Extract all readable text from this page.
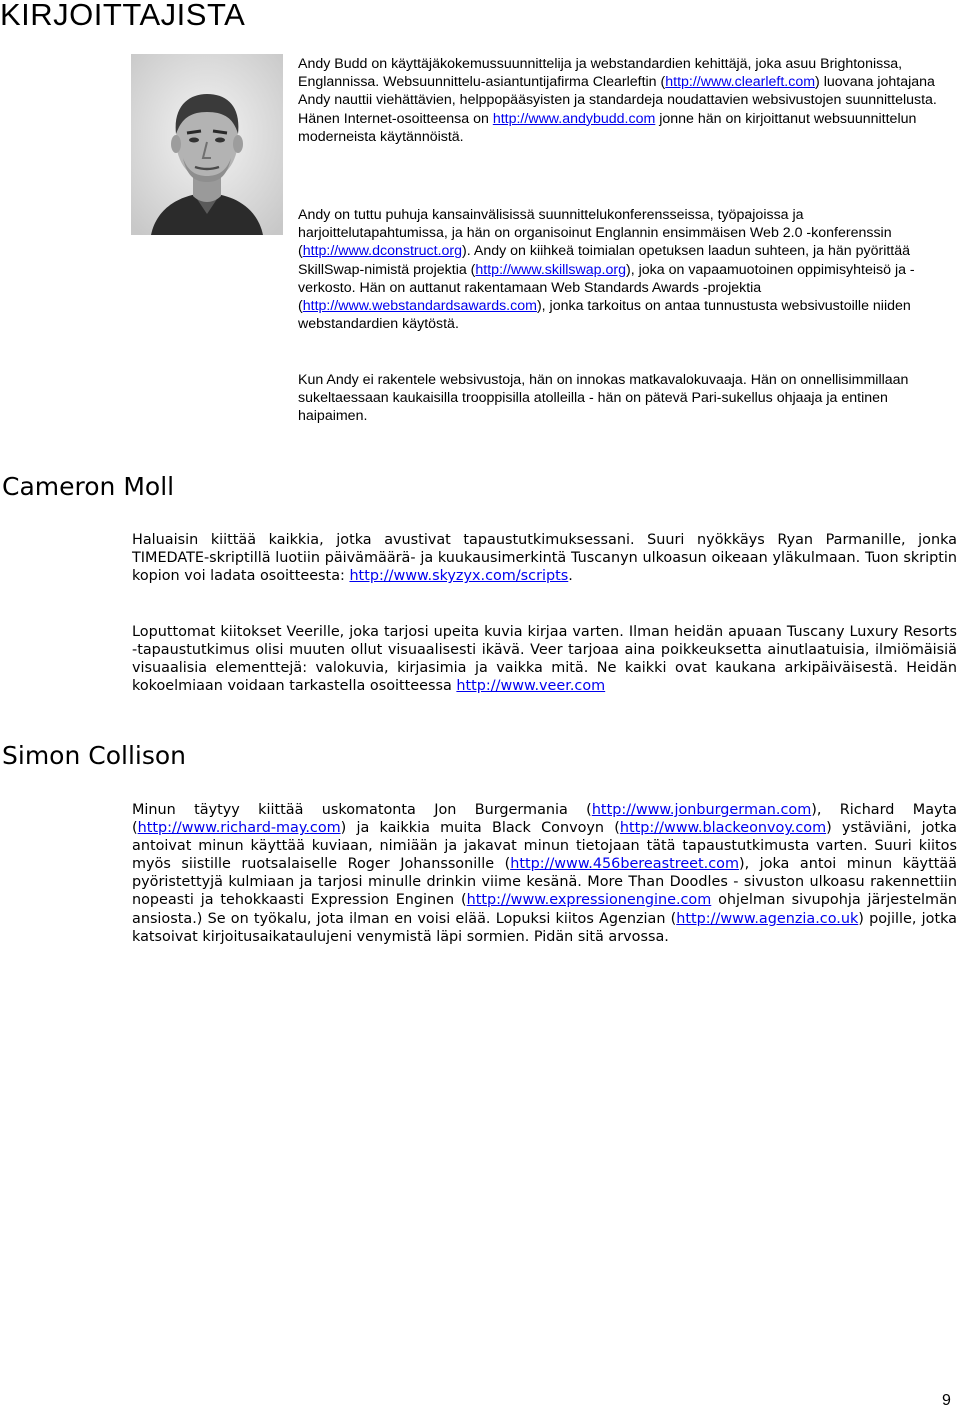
KIRJOITTAJISTA

Andy Budd on käyttäjäkokemussuunnittelija ja webstandardien kehittäjä, joka asuu Brightonissa, Englannissa. Websuunnittelu-asiantuntijafirma Clearleftin (http://www.clearleft.com) luovana johtajana Andy nauttii viehättävien, helppopääsyisten ja standardeja noudattavien websivustojen suunnittelusta. Hänen Internet-osoitteensa on http://www.andybudd.com jonne hän on kirjoittanut websuunnittelun moderneista käytännöistä.

Andy on tuttu puhuja kansainvälisissä suunnittelukonferensseissa, työpajoissa ja harjoittelutapahtumissa, ja hän on organisoinut Englannin ensimmäisen Web 2.0 -konferenssin (http://www.dconstruct.org). Andy on kiihkeä toimialan opetuksen laadun suhteen, ja hän pyörittää SkillSwap-nimistä projektia (http://www.skillswap.org), joka on vapaamuotoinen oppimisyhteisö ja -verkosto. Hän on auttanut rakentamaan Web Standards Awards -projektia (http://www.webstandardsawards.com), jonka tarkoitus on antaa tunnustusta websivustoille niiden webstandardien käytöstä.

Kun Andy ei rakentele websivustoja, hän on innokas matkavalokuvaaja. Hän on onnellisimmillaan sukeltaessaan kaukaisilla trooppisilla atolleilla - hän on pätevä Pari-sukellus ohjaaja ja entinen haipaimen.

Cameron Moll

Haluaisin kiittää kaikkia, jotka avustivat tapaustutkimuksessani. Suuri nyökkäys Ryan Parmanille, jonka TIMEDATE-skriptillä luotiin päivämäärä- ja kuukausimerkintä Tuscanyn ulkoasun oikeaan yläkulmaan. Tuon skriptin kopion voi ladata osoitteesta: http://www.skyzyx.com/scripts.

Loputtomat kiitokset Veerille, joka tarjosi upeita kuvia kirjaa varten. Ilman heidän apuaan Tuscany Luxury Resorts -tapaustutkimus olisi muuten ollut visuaalisesti ikävä. Veer tarjoaa aina poikkeuksetta ainutlaatuisia, ilmiömäisiä visuaalisia elementtejä: valokuvia, kirjasimia ja vaikka mitä. Ne kaikki ovat kaukana arkipäiväisestä. Heidän kokoelmiaan voidaan tarkastella osoitteessa http://www.veer.com

Simon Collison

Minun täytyy kiittää uskomatonta Jon Burgermania (http://www.jonburgerman.com), Richard Mayta (http://www.richard-may.com) ja kaikkia muita Black Convoyn (http://www.blackeonvoy.com) ystäviäni, jotka antoivat minun käyttää kuviaan, nimiään ja jakavat minun tietojaan tätä tapaustutkimusta varten. Suuri kiitos myös siistille ruotsalaiselle Roger Johanssonille (http://www.456bereastreet.com), joka antoi minun käyttää pyöristettyjä kulmiaan ja tarjosi minulle drinkin viime kesänä. More Than Doodles - sivuston ulkoasu rakennettiin nopeasti ja tehokkaasti Expression Enginen (http://www.expressionengine.com ohjelman sivupohja järjestelmän ansiosta.) Se on työkalu, jota ilman en voisi elää. Lopuksi kiitos Agenzian (http://www.agenzia.co.uk) pojille, jotka katsoivat kirjoitusaikataulujeni venymistä läpi sormien. Pidän sitä arvossa.

9
